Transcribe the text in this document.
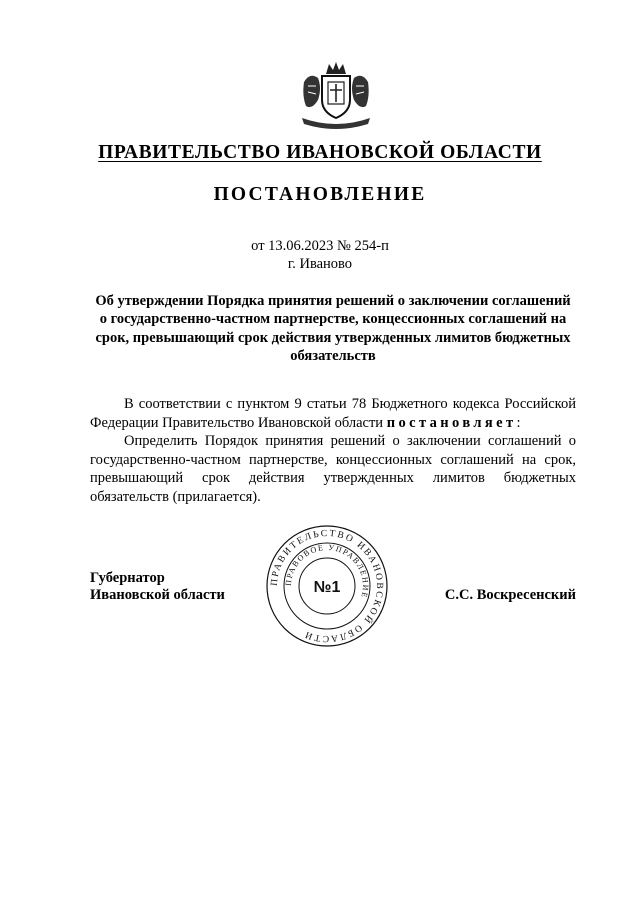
ПРАВИТЕЛЬСТВО ИВАНОВСКОЙ ОБЛАСТИ
ПОСТАНОВЛЕНИЕ
от 13.06.2023 № 254-п
г. Иваново
Об утверждении Порядка принятия решений о заключении соглашений о государственно-частном партнерстве, концессионных соглашений на срок, превышающий срок действия утвержденных лимитов бюджетных обязательств

В соответствии с пунктом 9 статьи 78 Бюджетного кодекса Российской Федерации Правительство Ивановской области постановляет:

Определить Порядок принятия решений о заключении соглашений о государственно-частном партнерстве, концессионных соглашений на срок, превышающий срок действия утвержденных лимитов бюджетных обязательств (прилагается).

Губернатор
Ивановской области	С.С. Воскресенский
ПРАВИТЕЛЬСТВО ИВАНОВСКОЙ ОБЛАСТИ
ПРАВОВОЕ УПРАВЛЕНИЕ
№1
